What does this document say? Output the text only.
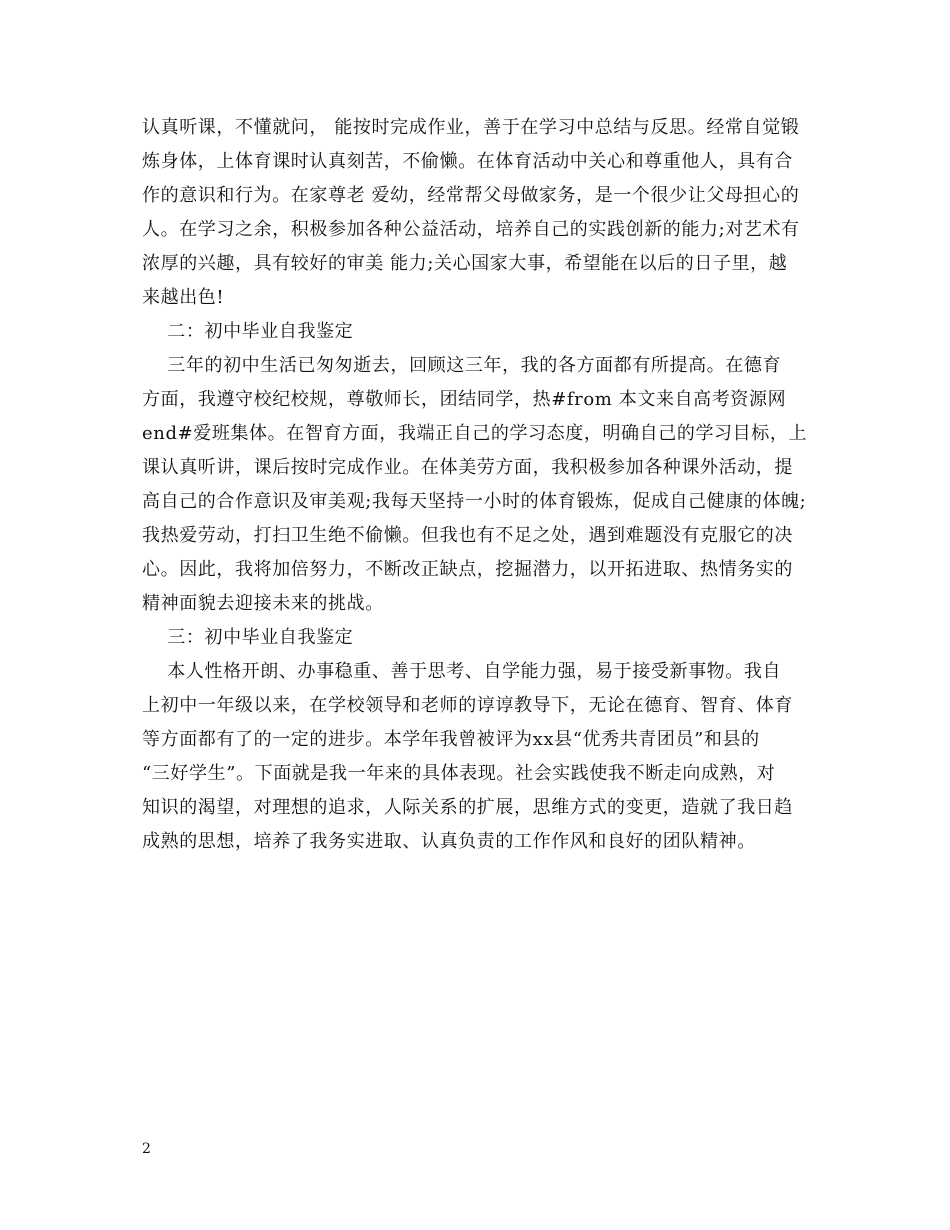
认真听课，不懂就问， 能按时完成作业，善于在学习中总结与反思。经常自觉锻
炼身体，上体育课时认真刻苦，不偷懒。在体育活动中关心和尊重他人，具有合
作的意识和行为。在家尊老 爱幼，经常帮父母做家务，是一个很少让父母担心的
人。在学习之余，积极参加各种公益活动，培养自己的实践创新的能力;对艺术有
浓厚的兴趣，具有较好的审美 能力;关心国家大事，希望能在以后的日子里，越
来越出色!
二：初中毕业自我鉴定
三年的初中生活已匆匆逝去，回顾这三年，我的各方面都有所提高。在德育
方面，我遵守校纪校规，尊敬师长，团结同学，热#from 本文来自高考资源网
end#爱班集体。在智育方面，我端正自己的学习态度，明确自己的学习目标，上
课认真听讲，课后按时完成作业。在体美劳方面，我积极参加各种课外活动，提
高自己的合作意识及审美观;我每天坚持一小时的体育锻炼，促成自己健康的体魄;
我热爱劳动，打扫卫生绝不偷懒。但我也有不足之处，遇到难题没有克服它的决
心。因此，我将加倍努力，不断改正缺点，挖掘潜力，以开拓进取、热情务实的
精神面貌去迎接未来的挑战。
三：初中毕业自我鉴定
本人性格开朗、办事稳重、善于思考、自学能力强，易于接受新事物。我自
上初中一年级以来，在学校领导和老师的谆谆教导下，无论在德育、智育、体育
等方面都有了的一定的进步。本学年我曾被评为xx县“优秀共青团员”和县的
“三好学生”。下面就是我一年来的具体表现。社会实践使我不断走向成熟，对
知识的渴望，对理想的追求，人际关系的扩展，思维方式的变更，造就了我日趋
成熟的思想，培养了我务实进取、认真负责的工作作风和良好的团队精神。
2
